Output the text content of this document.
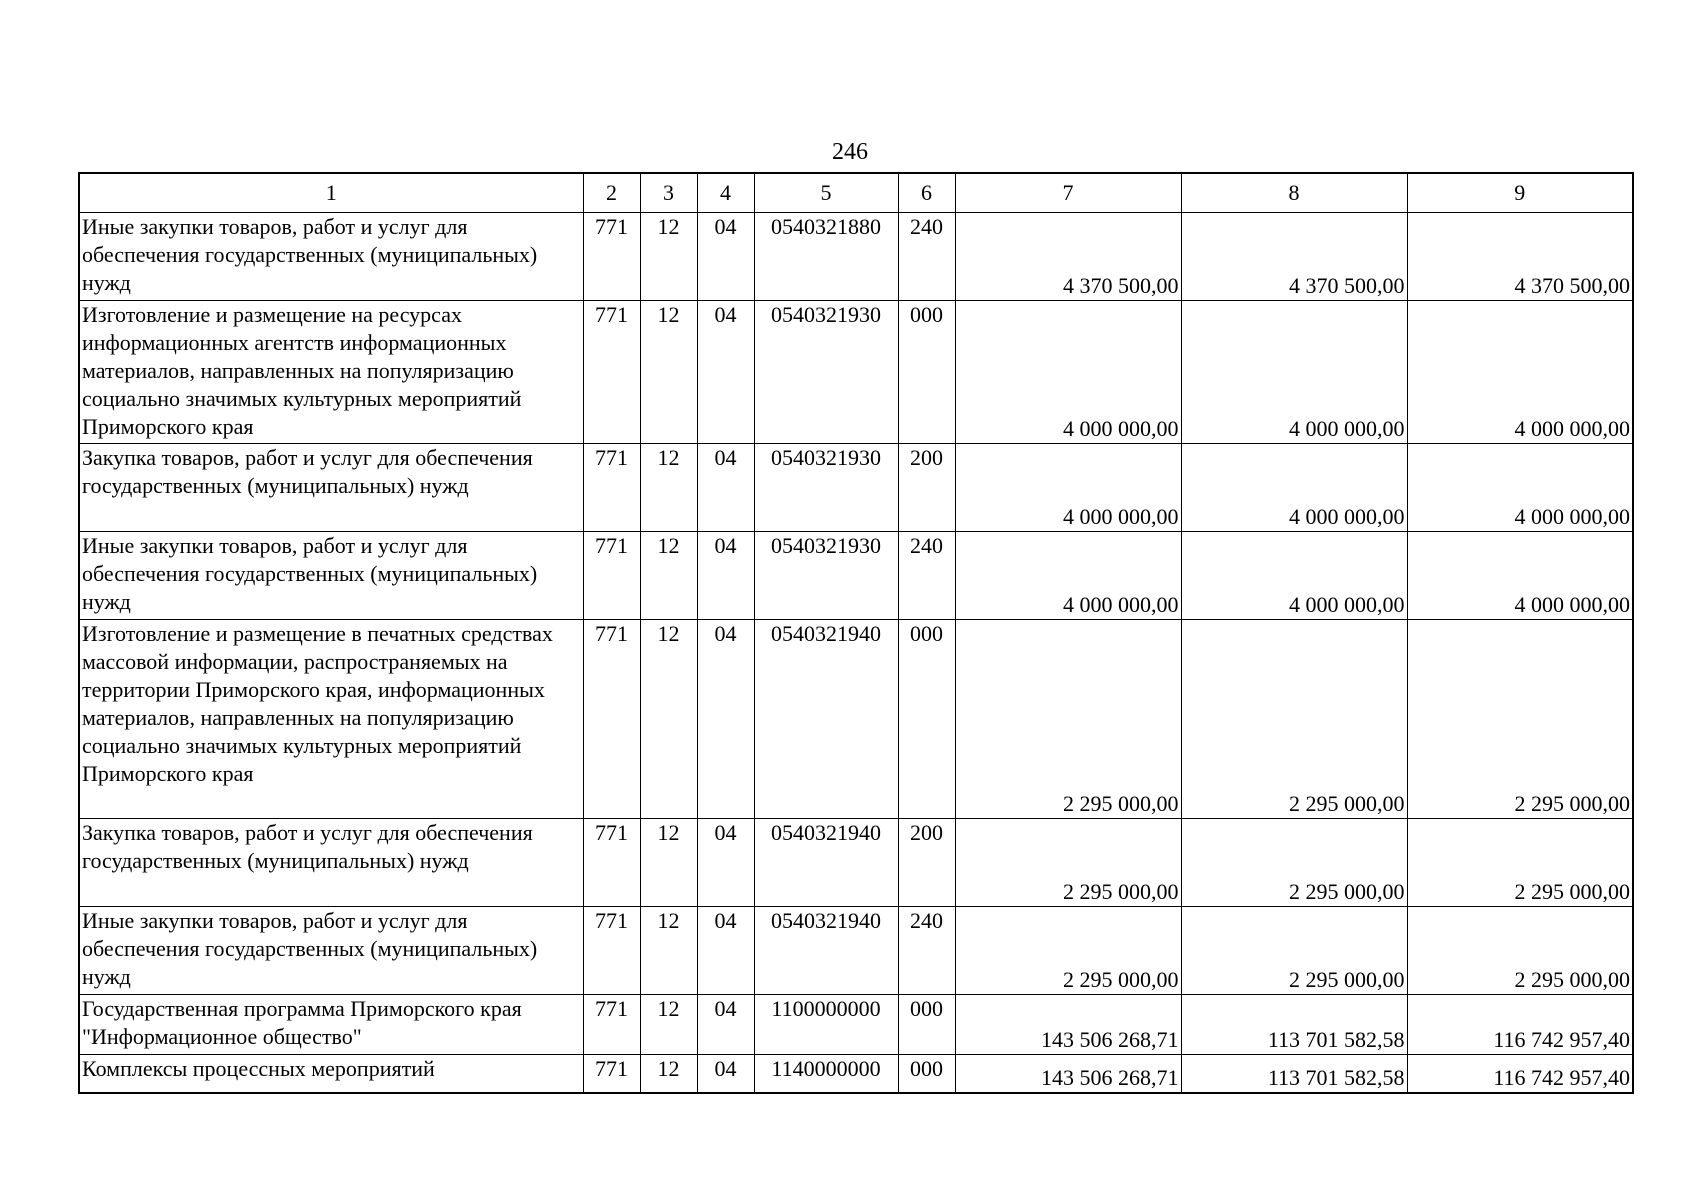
246
1	2	3	4	5	6	7	8	9
Иные закупки товаров, работ и услуг для обеспечения государственных (муниципальных) нужд	771	12	04	0540321880	240	4 370 500,00	4 370 500,00	4 370 500,00
Изготовление и размещение на ресурсах информационных агентств информационных материалов, направленных на популяризацию социально значимых культурных мероприятий Приморского края	771	12	04	0540321930	000	4 000 000,00	4 000 000,00	4 000 000,00
Закупка товаров, работ и услуг для обеспечения государственных (муниципальных) нужд	771	12	04	0540321930	200	4 000 000,00	4 000 000,00	4 000 000,00
Иные закупки товаров, работ и услуг для обеспечения государственных (муниципальных) нужд	771	12	04	0540321930	240	4 000 000,00	4 000 000,00	4 000 000,00
Изготовление и размещение в печатных средствах массовой информации, распространяемых на территории Приморского края, информационных материалов, направленных на популяризацию социально значимых культурных мероприятий Приморского края	771	12	04	0540321940	000	2 295 000,00	2 295 000,00	2 295 000,00
Закупка товаров, работ и услуг для обеспечения государственных (муниципальных) нужд	771	12	04	0540321940	200	2 295 000,00	2 295 000,00	2 295 000,00
Иные закупки товаров, работ и услуг для обеспечения государственных (муниципальных) нужд	771	12	04	0540321940	240	2 295 000,00	2 295 000,00	2 295 000,00
Государственная программа Приморского края "Информационное общество"	771	12	04	1100000000	000	143 506 268,71	113 701 582,58	116 742 957,40
Комплексы процессных мероприятий	771	12	04	1140000000	000	143 506 268,71	113 701 582,58	116 742 957,40
